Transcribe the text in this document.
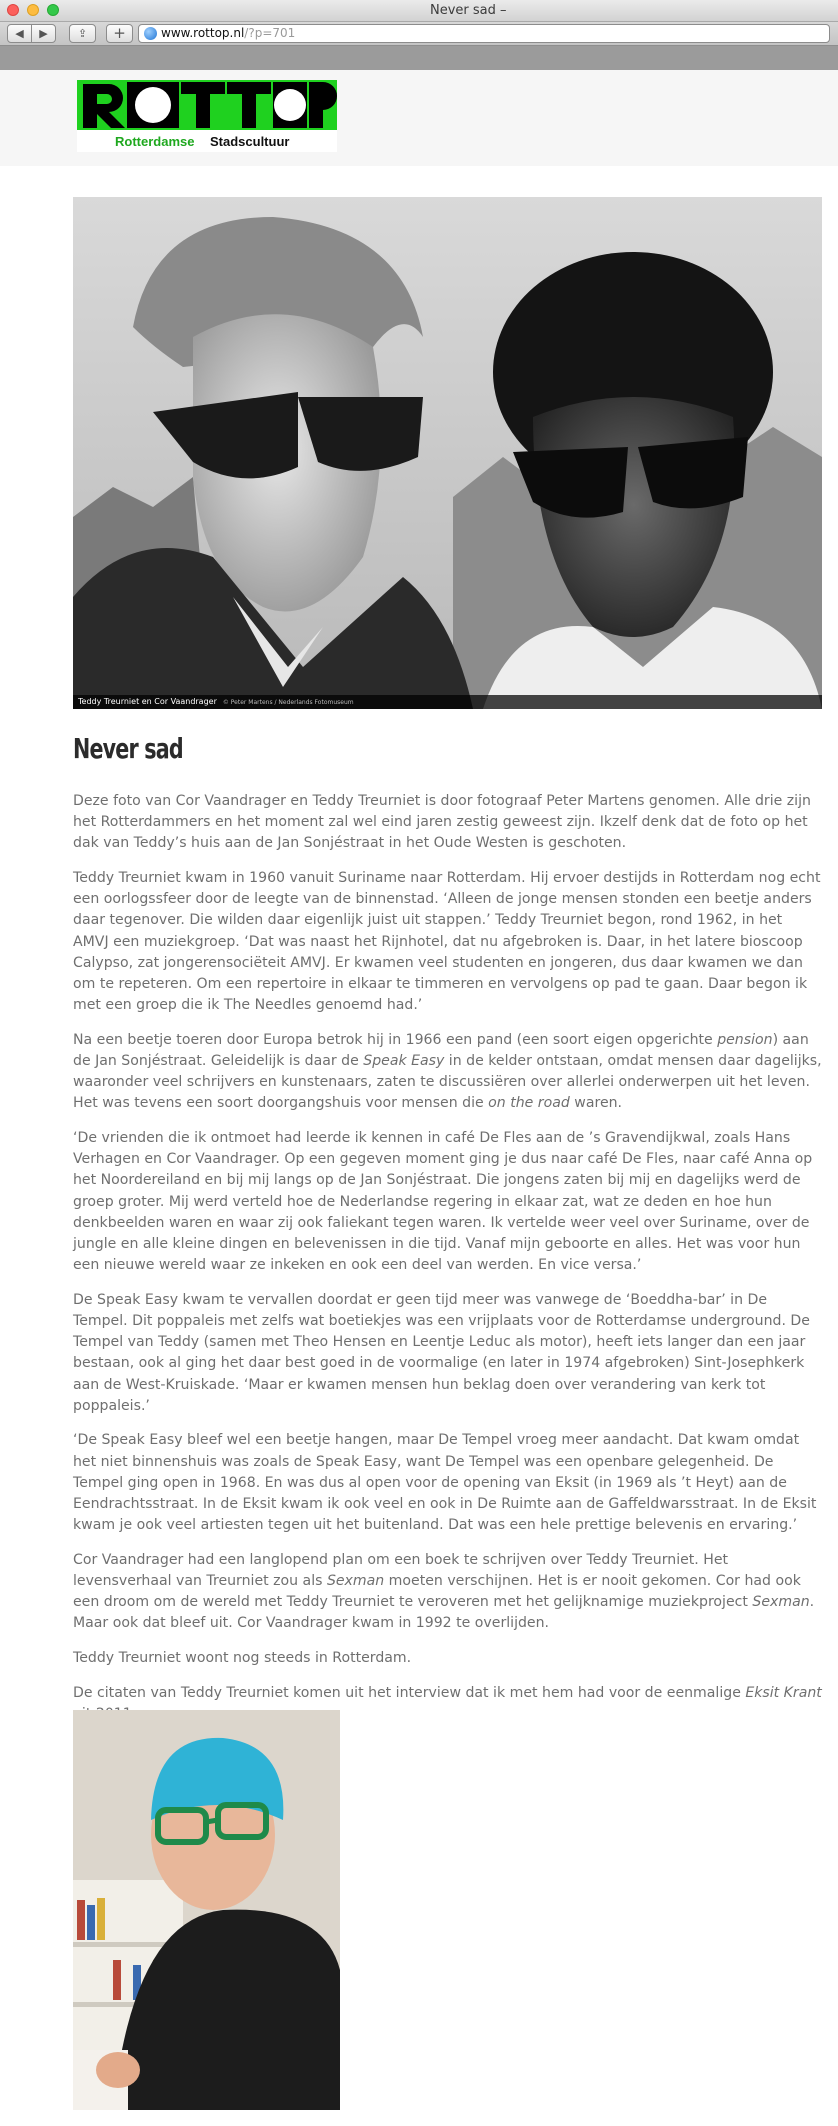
Never sad –
◀	▶	⇪	+	www.rottop.nl/?p=701
Rotterdamse Stadscultuur
Teddy Treurniet en Cor Vaandrager © Peter Martens / Nederlands Fotomuseum
Never sad

Deze foto van Cor Vaandrager en Teddy Treurniet is door fotograaf Peter Martens genomen. Alle drie zijn het Rotterdammers en het moment zal wel eind jaren zestig geweest zijn. Ikzelf denk dat de foto op het dak van Teddy’s huis aan de Jan Sonjéstraat in het Oude Westen is geschoten.

Teddy Treurniet kwam in 1960 vanuit Suriname naar Rotterdam. Hij ervoer destijds in Rotterdam nog echt een oorlogssfeer door de leegte van de binnenstad. ‘Alleen de jonge mensen stonden een beetje anders daar tegenover. Die wilden daar eigenlijk juist uit stappen.’ Teddy Treurniet begon, rond 1962, in het AMVJ een muziekgroep. ‘Dat was naast het Rijnhotel, dat nu afgebroken is. Daar, in het latere bioscoop Calypso, zat jongerensociëteit AMVJ. Er kwamen veel studenten en jongeren, dus daar kwamen we dan om te repeteren. Om een repertoire in elkaar te timmeren en vervolgens op pad te gaan. Daar begon ik met een groep die ik The Needles genoemd had.’

Na een beetje toeren door Europa betrok hij in 1966 een pand (een soort eigen opgerichte pension) aan de Jan Sonjéstraat. Geleidelijk is daar de Speak Easy in de kelder ontstaan, omdat mensen daar dagelijks, waaronder veel schrijvers en kunstenaars, zaten te discussiëren over allerlei onderwerpen uit het leven. Het was tevens een soort doorgangshuis voor mensen die on the road waren.

‘De vrienden die ik ontmoet had leerde ik kennen in café De Fles aan de ’s Gravendijkwal, zoals Hans Verhagen en Cor Vaandrager. Op een gegeven moment ging je dus naar café De Fles, naar café Anna op het Noordereiland en bij mij langs op de Jan Sonjéstraat. Die jongens zaten bij mij en dagelijks werd de groep groter. Mij werd verteld hoe de Nederlandse regering in elkaar zat, wat ze deden en hoe hun denkbeelden waren en waar zij ook faliekant tegen waren. Ik vertelde weer veel over Suriname, over de jungle en alle kleine dingen en belevenissen in die tijd. Vanaf mijn geboorte en alles. Het was voor hun een nieuwe wereld waar ze inkeken en ook een deel van werden. En vice versa.’

De Speak Easy kwam te vervallen doordat er geen tijd meer was vanwege de ‘Boeddha-bar’ in De Tempel. Dit poppaleis met zelfs wat boetiekjes was een vrijplaats voor de Rotterdamse underground. De Tempel van Teddy (samen met Theo Hensen en Leentje Leduc als motor), heeft iets langer dan een jaar bestaan, ook al ging het daar best goed in de voormalige (en later in 1974 afgebroken) Sint-Josephkerk aan de West-Kruiskade. ‘Maar er kwamen mensen hun beklag doen over verandering van kerk tot poppaleis.’

‘De Speak Easy bleef wel een beetje hangen, maar De Tempel vroeg meer aandacht. Dat kwam omdat het niet binnenshuis was zoals de Speak Easy, want De Tempel was een openbare gelegenheid. De Tempel ging open in 1968. En was dus al open voor de opening van Eksit (in 1969 als ’t Heyt) aan de Eendrachtsstraat. In de Eksit kwam ik ook veel en ook in De Ruimte aan de Gaffeldwarsstraat. In de Eksit kwam je ook veel artiesten tegen uit het buitenland. Dat was een hele prettige belevenis en ervaring.’

Cor Vaandrager had een langlopend plan om een boek te schrijven over Teddy Treurniet. Het levensverhaal van Treurniet zou als Sexman moeten verschijnen. Het is er nooit gekomen. Cor had ook een droom om de wereld met Teddy Treurniet te veroveren met het gelijknamige muziekproject Sexman. Maar ook dat bleef uit. Cor Vaandrager kwam in 1992 te overlijden.

Teddy Treurniet woont nog steeds in Rotterdam.

De citaten van Teddy Treurniet komen uit het interview dat ik met hem had voor de eenmalige Eksit Krant
